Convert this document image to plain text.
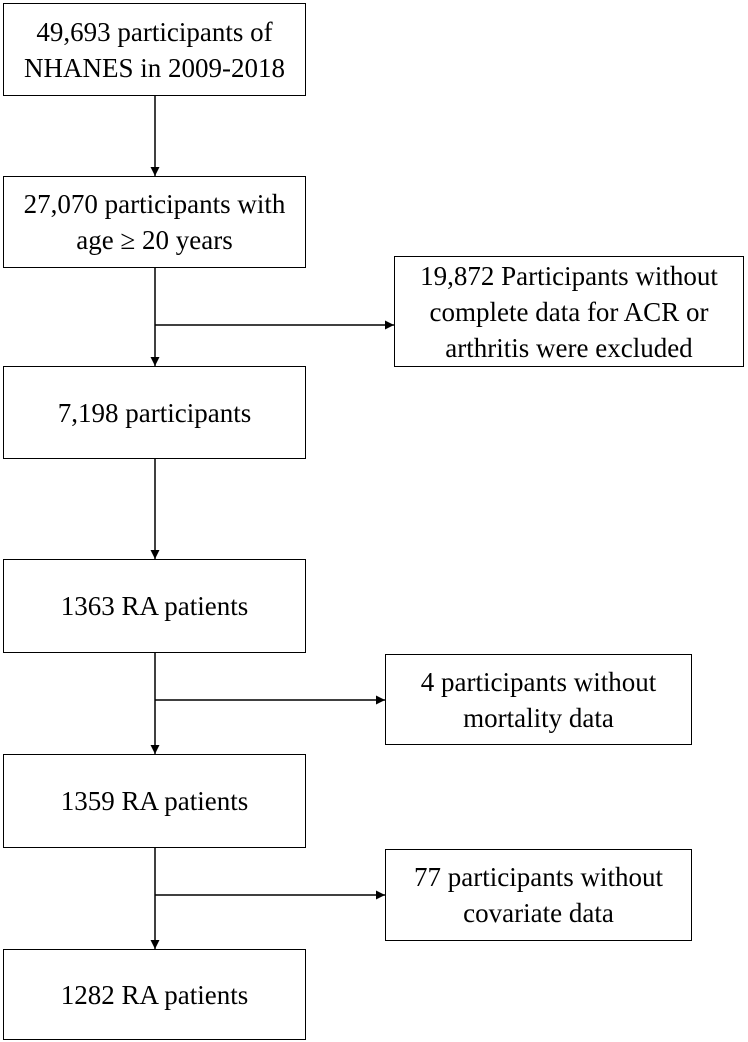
49,693 participants of
NHANES in 2009-2018
27,070 participants with
age ≥ 20 years
7,198 participants
1363 RA patients
1359 RA patients
1282 RA patients
19,872 Participants without
complete data for ACR or
arthritis were excluded
4 participants without
mortality data
77 participants without
covariate data
